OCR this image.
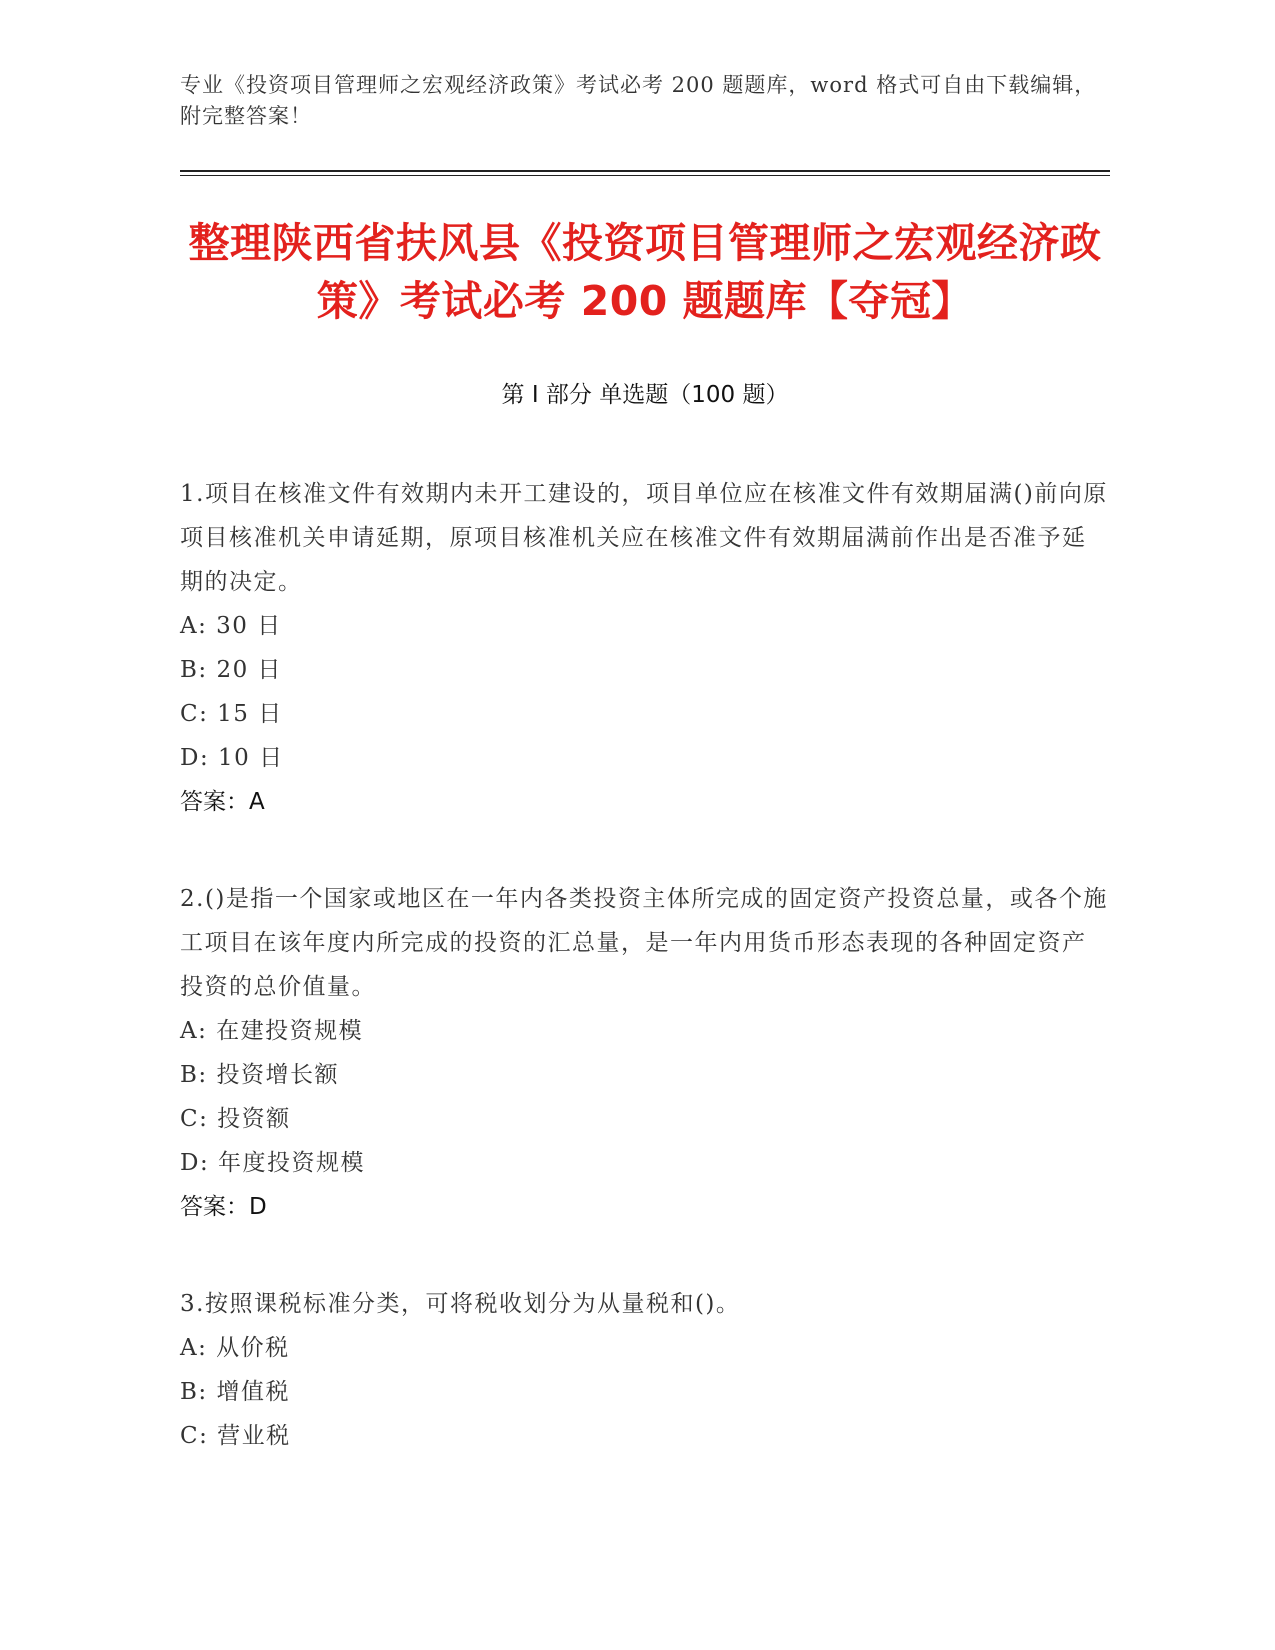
专业《投资项目管理师之宏观经济政策》考试必考 200 题题库，word 格式可自由下载编辑，附完整答案！

整理陕西省扶风县《投资项目管理师之宏观经济政策》考试必考 200 题题库【夺冠】
第 I 部分 单选题（100 题）

1.项目在核准文件有效期内未开工建设的，项目单位应在核准文件有效期届满()前向原项目核准机关申请延期，原项目核准机关应在核准文件有效期届满前作出是否准予延期的决定。

A: 30 日

B: 20 日

C: 15 日

D: 10 日

答案：A

2.()是指一个国家或地区在一年内各类投资主体所完成的固定资产投资总量，或各个施工项目在该年度内所完成的投资的汇总量，是一年内用货币形态表现的各种固定资产投资的总价值量。

A: 在建投资规模

B: 投资增长额

C: 投资额

D: 年度投资规模

答案：D

3.按照课税标准分类，可将税收划分为从量税和()。

A: 从价税

B: 增值税

C: 营业税
